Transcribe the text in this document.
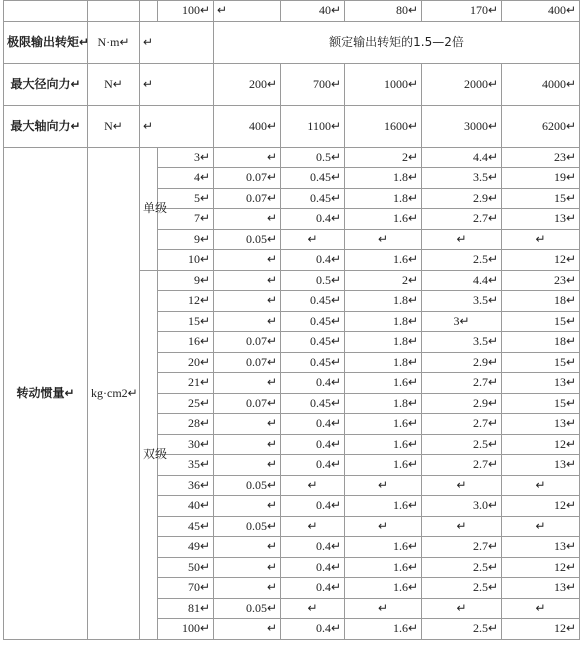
			100↵	↵	40↵	80↵	170↵	400↵
极限输出转矩↵	N·m↵	↵		额定输出转矩的1.5—2倍				
最大径向力↵	N↵	↵		200↵	700↵	1000↵	2000↵	4000↵
最大轴向力↵	N↵	↵		400↵	1100↵	1600↵	3000↵	6200↵
转动惯量↵	kg·cm2↵	单级	3↵	↵	0.5↵	2↵	4.4↵	23↵
			4↵	0.07↵	0.45↵	1.8↵	3.5↵	19↵
			5↵	0.07↵	0.45↵	1.8↵	2.9↵	15↵
			7↵	↵	0.4↵	1.6↵	2.7↵	13↵
			9↵	0.05↵	↵	↵	↵	↵
			10↵	↵	0.4↵	1.6↵	2.5↵	12↵
		双级	9↵	↵	0.5↵	2↵	4.4↵	23↵
			12↵	↵	0.45↵	1.8↵	3.5↵	18↵
			15↵	↵	0.45↵	1.8↵	3↵	15↵
			16↵	0.07↵	0.45↵	1.8↵	3.5↵	18↵
			20↵	0.07↵	0.45↵	1.8↵	2.9↵	15↵
			21↵	↵	0.4↵	1.6↵	2.7↵	13↵
			25↵	0.07↵	0.45↵	1.8↵	2.9↵	15↵
			28↵	↵	0.4↵	1.6↵	2.7↵	13↵
			30↵	↵	0.4↵	1.6↵	2.5↵	12↵
			35↵	↵	0.4↵	1.6↵	2.7↵	13↵
			36↵	0.05↵	↵	↵	↵	↵
			40↵	↵	0.4↵	1.6↵	3.0↵	12↵
			45↵	0.05↵	↵	↵	↵	↵
			49↵	↵	0.4↵	1.6↵	2.7↵	13↵
			50↵	↵	0.4↵	1.6↵	2.5↵	12↵
			70↵	↵	0.4↵	1.6↵	2.5↵	13↵
			81↵	0.05↵	↵	↵	↵	↵
			100↵	↵	0.4↵	1.6↵	2.5↵	12↵
